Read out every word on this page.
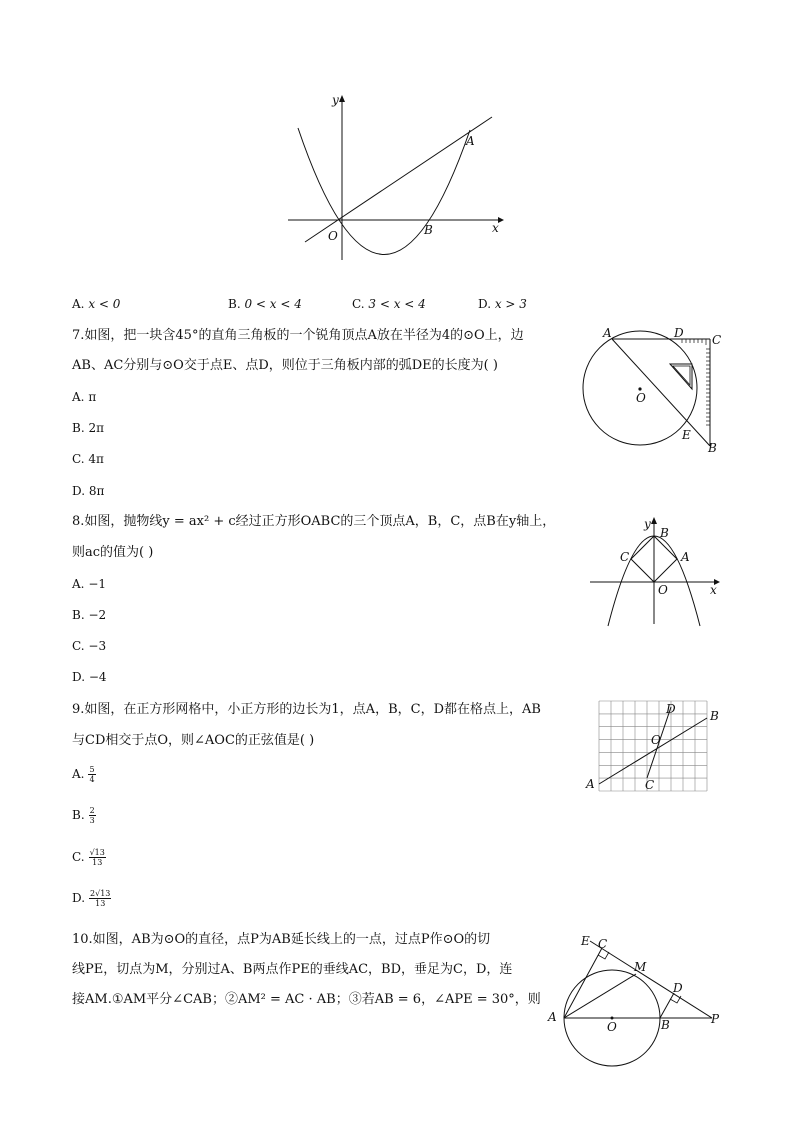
y
x
A
B
O
A. x < 0	B. 0 < x < 4	C. 3 < x < 4	D. x > 3
7.如图，把一块含45°的直角三角板的一个锐角顶点A放在半径为4的⊙O上，边
AB、AC分别与⊙O交于点E、点D，则位于三角板内部的弧DE的长度为( )
A. π
B. 2π
C. 4π
D. 8π
A	D C
O
E
B
8.如图，抛物线y = ax² + c经过正方形OABC的三个顶点A，B，C，点B在y轴上，
则ac的值为( )
A. −1
B. −2
C. −3
D. −4
y
B
C	A
O	x
9.如图，在正方形网格中，小正方形的边长为1，点A，B，C，D都在格点上，AB
与CD相交于点O，则∠AOC的正弦值是( )
A. $\frac{5}{4}$
B. $\frac{2}{3}$
C. $\frac{√13}{13}$
D. $\frac{2√13}{13}$
D	B
O
A	C
10.如图，AB为⊙O的直径，点P为AB延长线上的一点，过点P作⊙O的切
线PE，切点为M，分别过A、B两点作PE的垂线AC，BD，垂足为C，D，连
接AM.①AM平分∠CAB；②AM² = AC · AB；③若AB = 6，∠APE = 30°，则
E C
M
D
A
O	B	P
